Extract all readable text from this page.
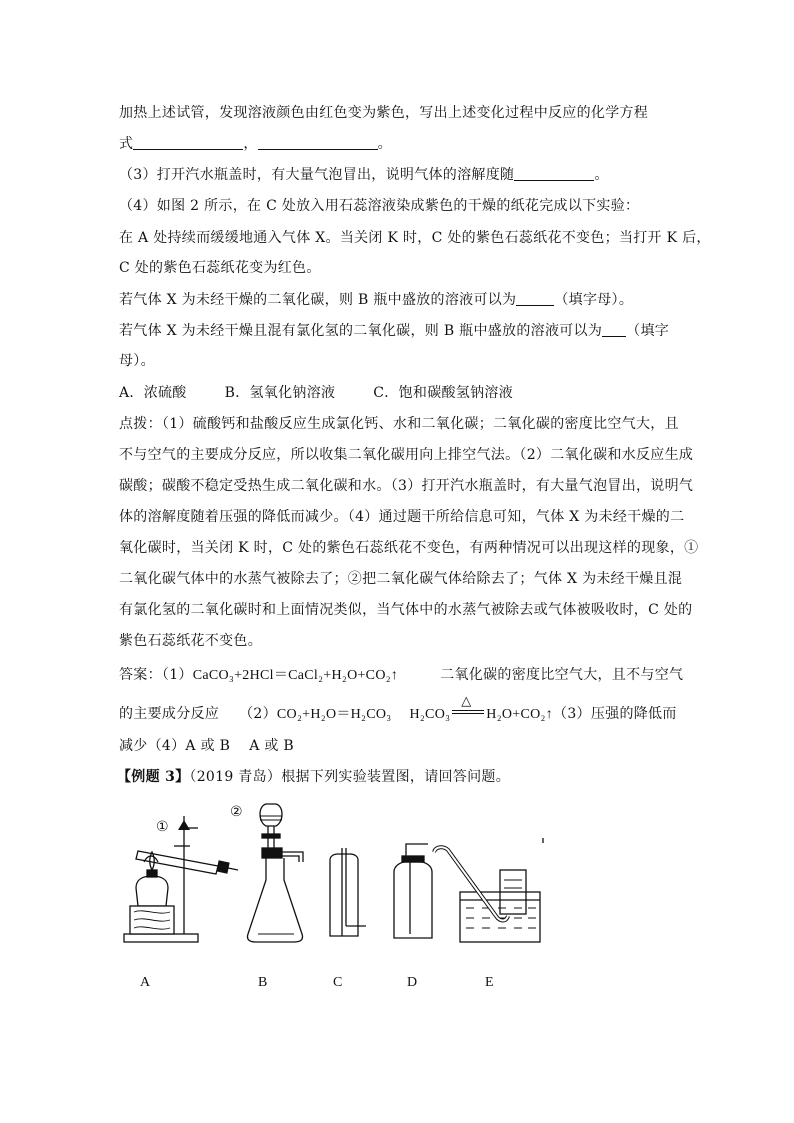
加热上述试管，发现溶液颜色由红色变为紫色，写出上述变化过程中反应的化学方程
式	，	。
（3）打开汽水瓶盖时，有大量气泡冒出，说明气体的溶解度随	。
（4）如图 2 所示，在 C 处放入用石蕊溶液染成紫色的干燥的纸花完成以下实验：
在 A 处持续而缓缓地通入气体 X。当关闭 K 时，C 处的紫色石蕊纸花不变色；当打开 K 后，
C 处的紫色石蕊纸花变为红色。
若气体 X 为未经干燥的二氧化碳，则 B 瓶中盛放的溶液可以为	（填字母）。
若气体 X 为未经干燥且混有氯化氢的二氧化碳，则 B 瓶中盛放的溶液可以为 （填字
母）。
A．浓硫酸        B．氢氧化钠溶液        C．饱和碳酸氢钠溶液
点拨：（1）硫酸钙和盐酸反应生成氯化钙、水和二氧化碳；二氧化碳的密度比空气大，且
不与空气的主要成分反应，所以收集二氧化碳用向上排空气法。（2）二氧化碳和水反应生成
碳酸；碳酸不稳定受热生成二氧化碳和水。（3）打开汽水瓶盖时，有大量气泡冒出，说明气
体的溶解度随着压强的降低而减少。（4）通过题干所给信息可知，气体 X 为未经干燥的二
氧化碳时，当关闭 K 时，C 处的紫色石蕊纸花不变色，有两种情况可以出现这样的现象，①
二氧化碳气体中的水蒸气被除去了；②把二氧化碳气体给除去了；气体 X 为未经干燥且混
有氯化氢的二氧化碳时和上面情况类似，当气体中的水蒸气被除去或气体被吸收时，C 处的
紫色石蕊纸花不变色。
答案：（1）CaCO₃+2HCl＝CaCl₂+H₂O+CO₂↑	二氧化碳的密度比空气大，且不与空气
的主要成分反应 （2）CO₂+H₂O＝H₂CO₃ H₂CO₃
△
H₂O+CO₂↑（3）压强的降低而
减少（4）A 或 B    A 或 B
【例题 3】（2019 青岛）根据下列实验装置图，请回答问题。
①
②
A	B	C	D	E
